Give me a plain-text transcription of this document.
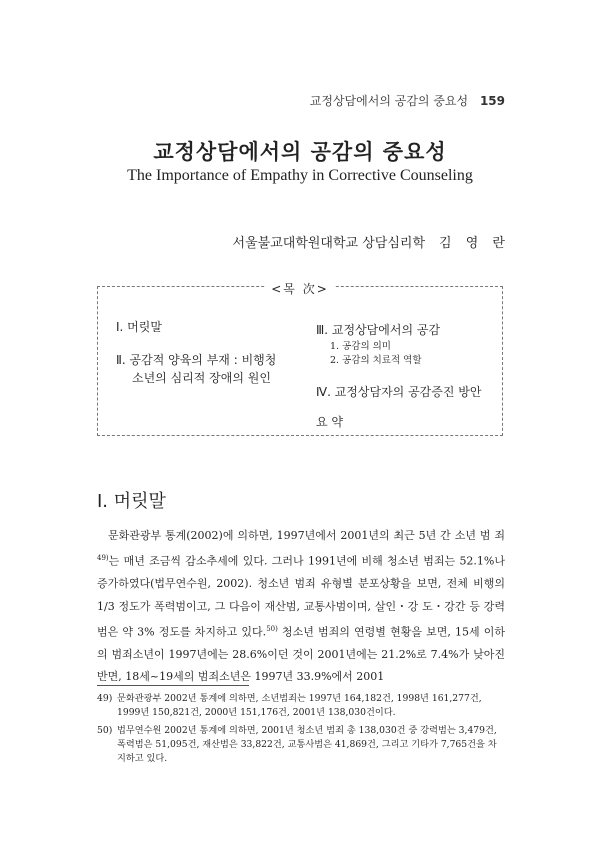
교정상담에서의 공감의 중요성 159
교정상담에서의 공감의 중요성
The Importance of Empathy in Corrective Counseling
서울불교대학원대학교 상담심리학 김 영 란
<목 次>
Ⅰ. 머릿말
Ⅱ. 공감적 양육의 부재 : 비행청
소년의 심리적 장애의 원인
Ⅲ. 교정상담에서의 공감
1. 공감의 의미
2. 공감의 치료적 역할
Ⅳ. 교정상담자의 공감증진 방안
요 약
Ⅰ. 머릿말

문화관광부 통계(2002)에 의하면, 1997년에서 2001년의 최근 5년 간 소년 범 죄$^{49)}$는 매년 조금씩 감소추세에 있다. 그러나 1991년에 비해 청소년 범죄는 52.1%나 증가하였다(법무연수원, 2002). 청소년 범죄 유형별 분포상황을 보면, 전체 비행의 1/3 정도가 폭력범이고, 그 다음이 재산범, 교통사범이며, 살인・강 도・강간 등 강력범은 약 3% 정도를 차지하고 있다.$^{50)}$ 청소년 범죄의 연령별 현황을 보면, 15세 이하의 범죄소년이 1997년에는 28.6%이던 것이 2001년에는 21.2%로 7.4%가 낮아진 반면, 18세~19세의 범죄소년은 1997년 33.9%에서 2001

49) 문화관광부 2002년 통계에 의하면, 소년범죄는 1997년 164,182건, 1998년 161,277건, 1999년 150,821건, 2000년 151,176건, 2001년 138,030건이다.
50) 법무연수원 2002년 통계에 의하면, 2001년 청소년 범죄 총 138,030건 중 강력범는 3,479건, 폭력범은 51,095건, 재산범은 33,822건, 교통사범은 41,869건, 그리고 기타가 7,765건을 차지하고 있다.
